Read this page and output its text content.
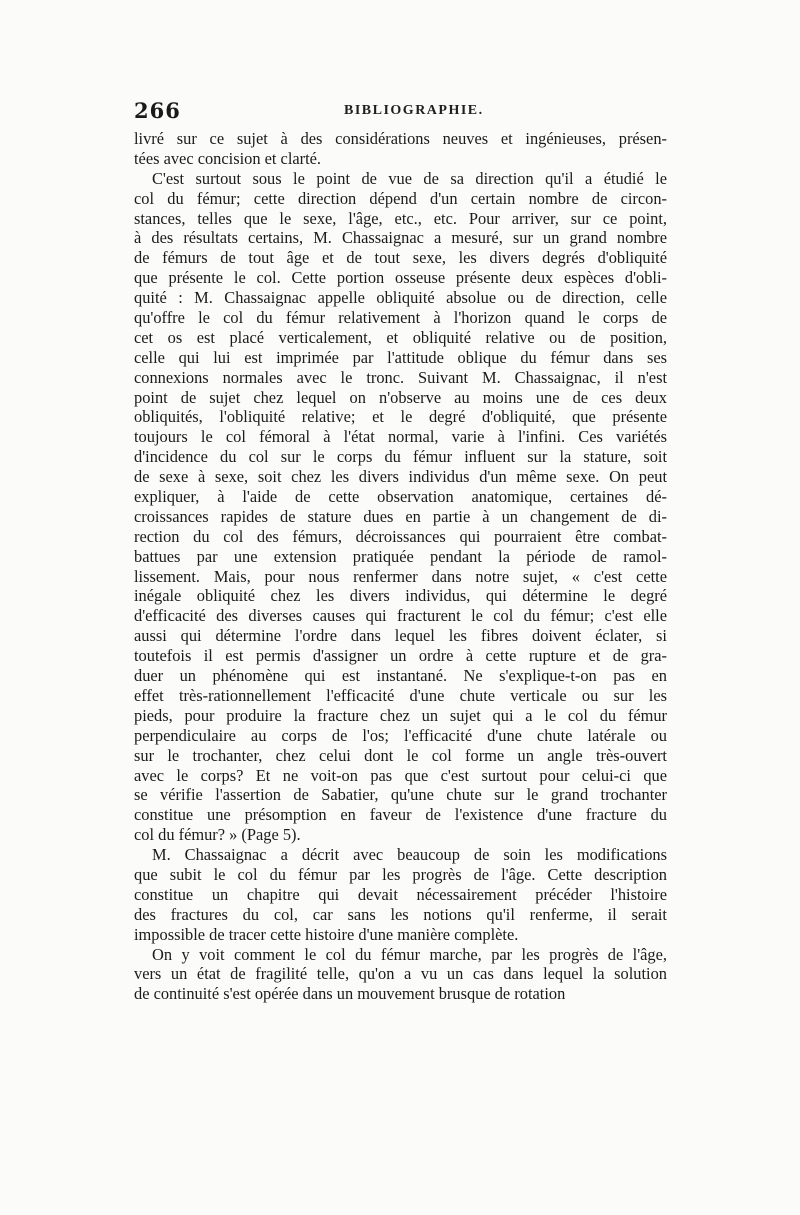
266	BIBLIOGRAPHIE.
livré sur ce sujet à des considérations neuves et ingénieuses, présen-
tées avec concision et clarté.
C'est surtout sous le point de vue de sa direction qu'il a étudié le
col du fémur; cette direction dépend d'un certain nombre de circon-
stances, telles que le sexe, l'âge, etc., etc. Pour arriver, sur ce point,
à des résultats certains, M. Chassaignac a mesuré, sur un grand nombre
de fémurs de tout âge et de tout sexe, les divers degrés d'obliquité
que présente le col. Cette portion osseuse présente deux espèces d'obli-
quité : M. Chassaignac appelle obliquité absolue ou de direction, celle
qu'offre le col du fémur relativement à l'horizon quand le corps de
cet os est placé verticalement, et obliquité relative ou de position,
celle qui lui est imprimée par l'attitude oblique du fémur dans ses
connexions normales avec le tronc. Suivant M. Chassaignac, il n'est
point de sujet chez lequel on n'observe au moins une de ces deux
obliquités, l'obliquité relative; et le degré d'obliquité, que présente
toujours le col fémoral à l'état normal, varie à l'infini. Ces variétés
d'incidence du col sur le corps du fémur influent sur la stature, soit
de sexe à sexe, soit chez les divers individus d'un même sexe. On peut
expliquer, à l'aide de cette observation anatomique, certaines dé-
croissances rapides de stature dues en partie à un changement de di-
rection du col des fémurs, décroissances qui pourraient être combat-
battues par une extension pratiquée pendant la période de ramol-
lissement. Mais, pour nous renfermer dans notre sujet, « c'est cette
inégale obliquité chez les divers individus, qui détermine le degré
d'efficacité des diverses causes qui fracturent le col du fémur; c'est elle
aussi qui détermine l'ordre dans lequel les fibres doivent éclater, si
toutefois il est permis d'assigner un ordre à cette rupture et de gra-
duer un phénomène qui est instantané. Ne s'explique-t-on pas en
effet très-rationnellement l'efficacité d'une chute verticale ou sur les
pieds, pour produire la fracture chez un sujet qui a le col du fémur
perpendiculaire au corps de l'os; l'efficacité d'une chute latérale ou
sur le trochanter, chez celui dont le col forme un angle très-ouvert
avec le corps? Et ne voit-on pas que c'est surtout pour celui-ci que
se vérifie l'assertion de Sabatier, qu'une chute sur le grand trochanter
constitue une présomption en faveur de l'existence d'une fracture du
col du fémur? » (Page 5).
M. Chassaignac a décrit avec beaucoup de soin les modifications
que subit le col du fémur par les progrès de l'âge. Cette description
constitue un chapitre qui devait nécessairement précéder l'histoire
des fractures du col, car sans les notions qu'il renferme, il serait
impossible de tracer cette histoire d'une manière complète.
On y voit comment le col du fémur marche, par les progrès de l'âge,
vers un état de fragilité telle, qu'on a vu un cas dans lequel la solution
de continuité s'est opérée dans un mouvement brusque de rotation
